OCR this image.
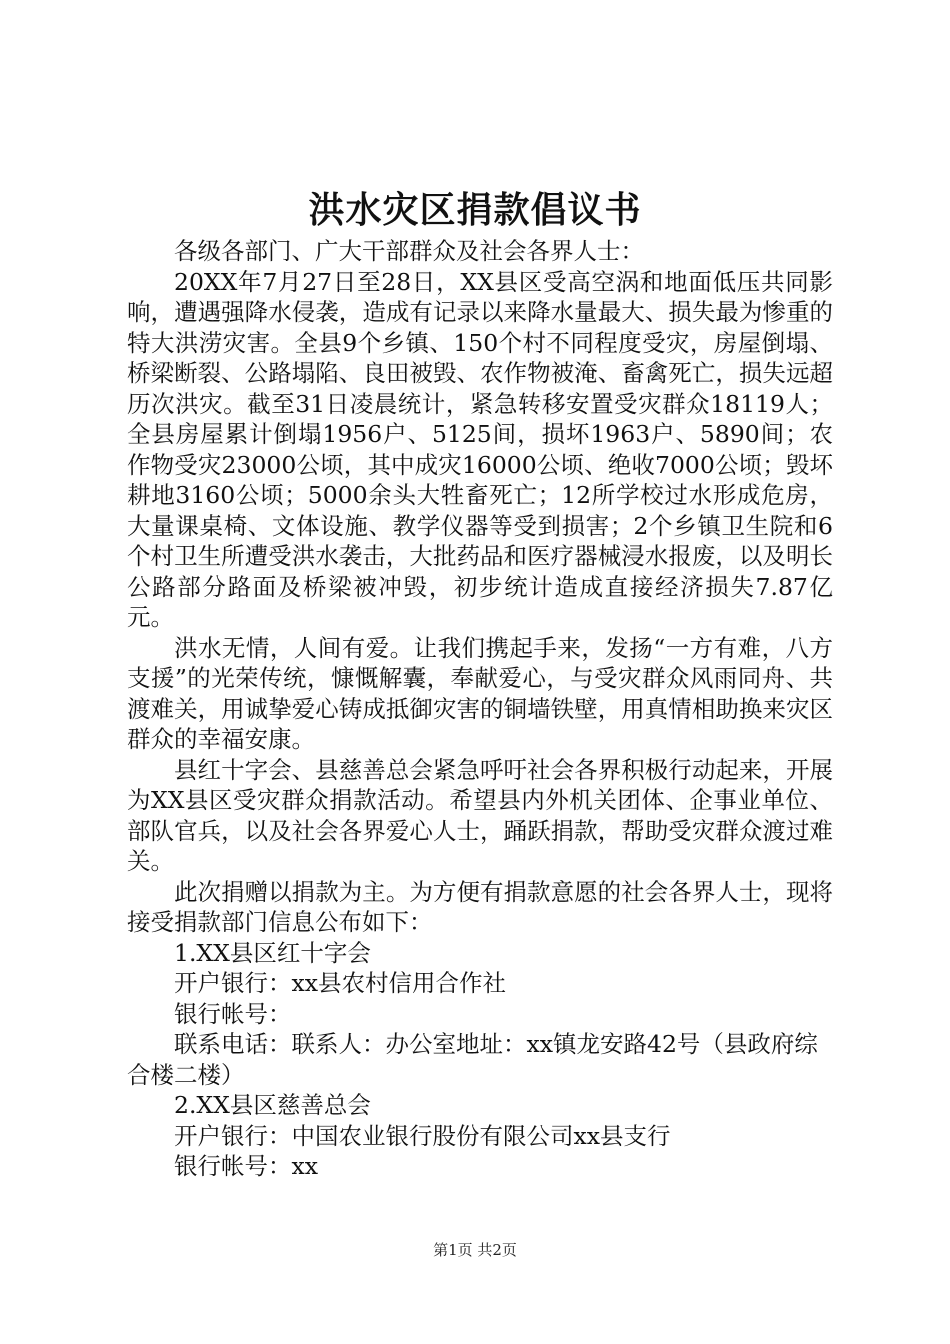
洪水灾区捐款倡议书

各级各部门、广大干部群众及社会各界人士：

20XX年7月27日至28日，XX县区受高空涡和地面低压共同影响，遭遇强降水侵袭，造成有记录以来降水量最大、损失最为惨重的特大洪涝灾害。全县9个乡镇、150个村不同程度受灾，房屋倒塌、桥梁断裂、公路塌陷、良田被毁、农作物被淹、畜禽死亡，损失远超历次洪灾。截至31日凌晨统计，紧急转移安置受灾群众18119人；全县房屋累计倒塌1956户、5125间，损坏1963户、5890间；农作物受灾23000公顷，其中成灾16000公顷、绝收7000公顷；毁坏耕地3160公顷；5000余头大牲畜死亡；12所学校过水形成危房，大量课桌椅、文体设施、教学仪器等受到损害；2个乡镇卫生院和6个村卫生所遭受洪水袭击，大批药品和医疗器械浸水报废，以及明长公路部分路面及桥梁被冲毁，初步统计造成直接经济损失7.87亿元。

洪水无情，人间有爱。让我们携起手来，发扬“一方有难，八方支援”的光荣传统，慷慨解囊，奉献爱心，与受灾群众风雨同舟、共渡难关，用诚挚爱心铸成抵御灾害的铜墙铁壁，用真情相助换来灾区群众的幸福安康。

县红十字会、县慈善总会紧急呼吁社会各界积极行动起来，开展为XX县区受灾群众捐款活动。希望县内外机关团体、企事业单位、部队官兵，以及社会各界爱心人士，踊跃捐款，帮助受灾群众渡过难关。

此次捐赠以捐款为主。为方便有捐款意愿的社会各界人士，现将接受捐款部门信息公布如下：

1.XX县区红十字会

开户银行：xx县农村信用合作社

银行帐号：

联系电话：联系人：办公室地址：xx镇龙安路42号（县政府综合楼二楼）

2.XX县区慈善总会

开户银行：中国农业银行股份有限公司xx县支行

银行帐号：xx

第1页 共2页
